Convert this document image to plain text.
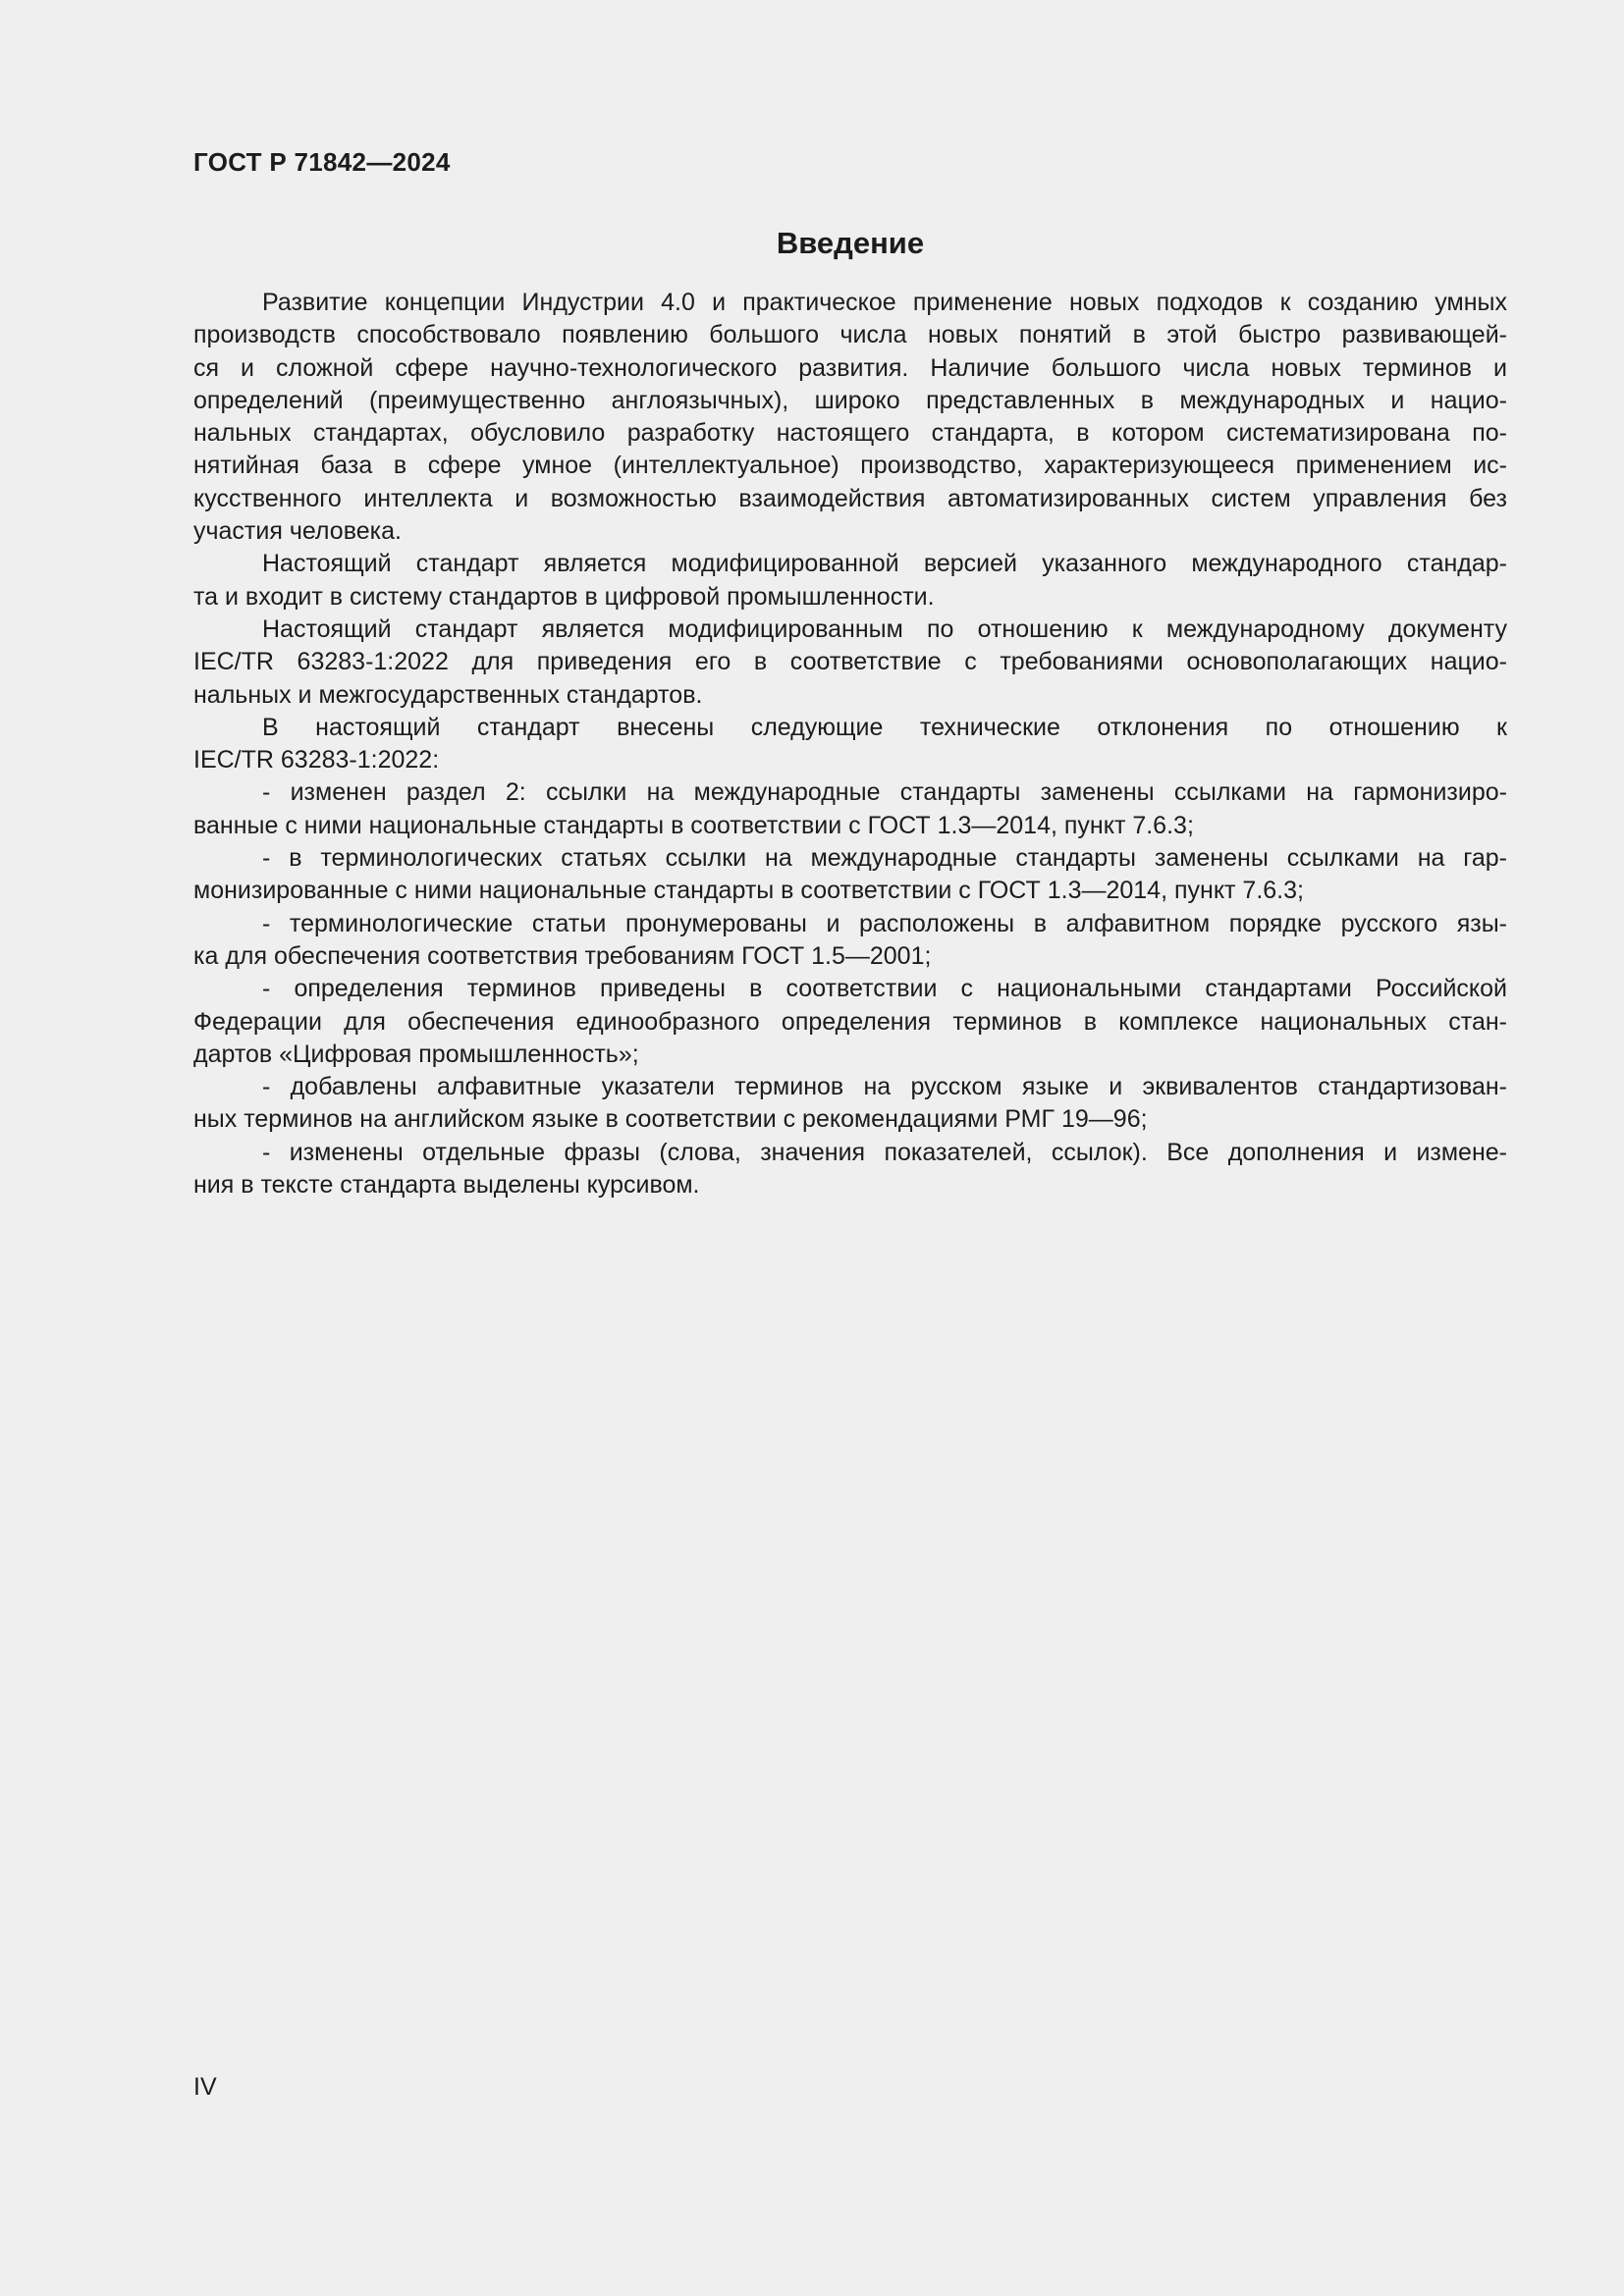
ГОСТ Р 71842—2024
Введение
Развитие концепции Индустрии 4.0 и практическое применение новых подходов к созданию умных
производств способствовало появлению большого числа новых понятий в этой быстро развивающей-
ся и сложной сфере научно-технологического развития. Наличие большого числа новых терминов и
определений (преимущественно англоязычных), широко представленных в международных и нацио-
нальных стандартах, обусловило разработку настоящего стандарта, в котором систематизирована по-
нятийная база в сфере умное (интеллектуальное) производство, характеризующееся применением ис-
кусственного интеллекта и возможностью взаимодействия автоматизированных систем управления без
участия человека.
Настоящий стандарт является модифицированной версией указанного международного стандар-
та и входит в систему стандартов в цифровой промышленности.
Настоящий стандарт является модифицированным по отношению к международному документу
IEC/TR 63283-1:2022 для приведения его в соответствие с требованиями основополагающих нацио-
нальных и межгосударственных стандартов.
В настоящий стандарт внесены следующие технические отклонения по отношению к
IEC/TR 63283-1:2022:
- изменен раздел 2: ссылки на международные стандарты заменены ссылками на гармонизиро-
ванные с ними национальные стандарты в соответствии с ГОСТ 1.3—2014, пункт 7.6.3;
- в терминологических статьях ссылки на международные стандарты заменены ссылками на гар-
монизированные с ними национальные стандарты в соответствии с ГОСТ 1.3—2014, пункт 7.6.3;
- терминологические статьи пронумерованы и расположены в алфавитном порядке русского язы-
ка для обеспечения соответствия требованиям ГОСТ 1.5—2001;
- определения терминов приведены в соответствии с национальными стандартами Российской
Федерации для обеспечения единообразного определения терминов в комплексе национальных стан-
дартов «Цифровая промышленность»;
- добавлены алфавитные указатели терминов на русском языке и эквивалентов стандартизован-
ных терминов на английском языке в соответствии с рекомендациями РМГ 19—96;
- изменены отдельные фразы (слова, значения показателей, ссылок). Все дополнения и измене-
ния в тексте стандарта выделены курсивом.
IV
